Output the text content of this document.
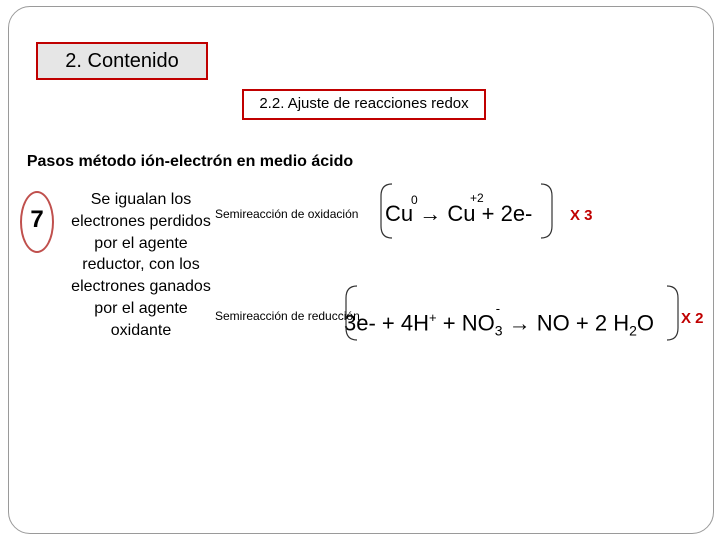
2. Contenido
2.2. Ajuste de reacciones redox
Pasos método ión-electrón en medio ácido
7
Se igualan los electrones perdidos por el agente reductor, con los electrones ganados por el agente oxidante
Semireacción de oxidación
0	+2
Cu → Cu + 2e-	X 3
Semireacción de reducción
3e- + 4H+ + NO
-
$_3$ → NO + 2 $H_2O$ X 2
